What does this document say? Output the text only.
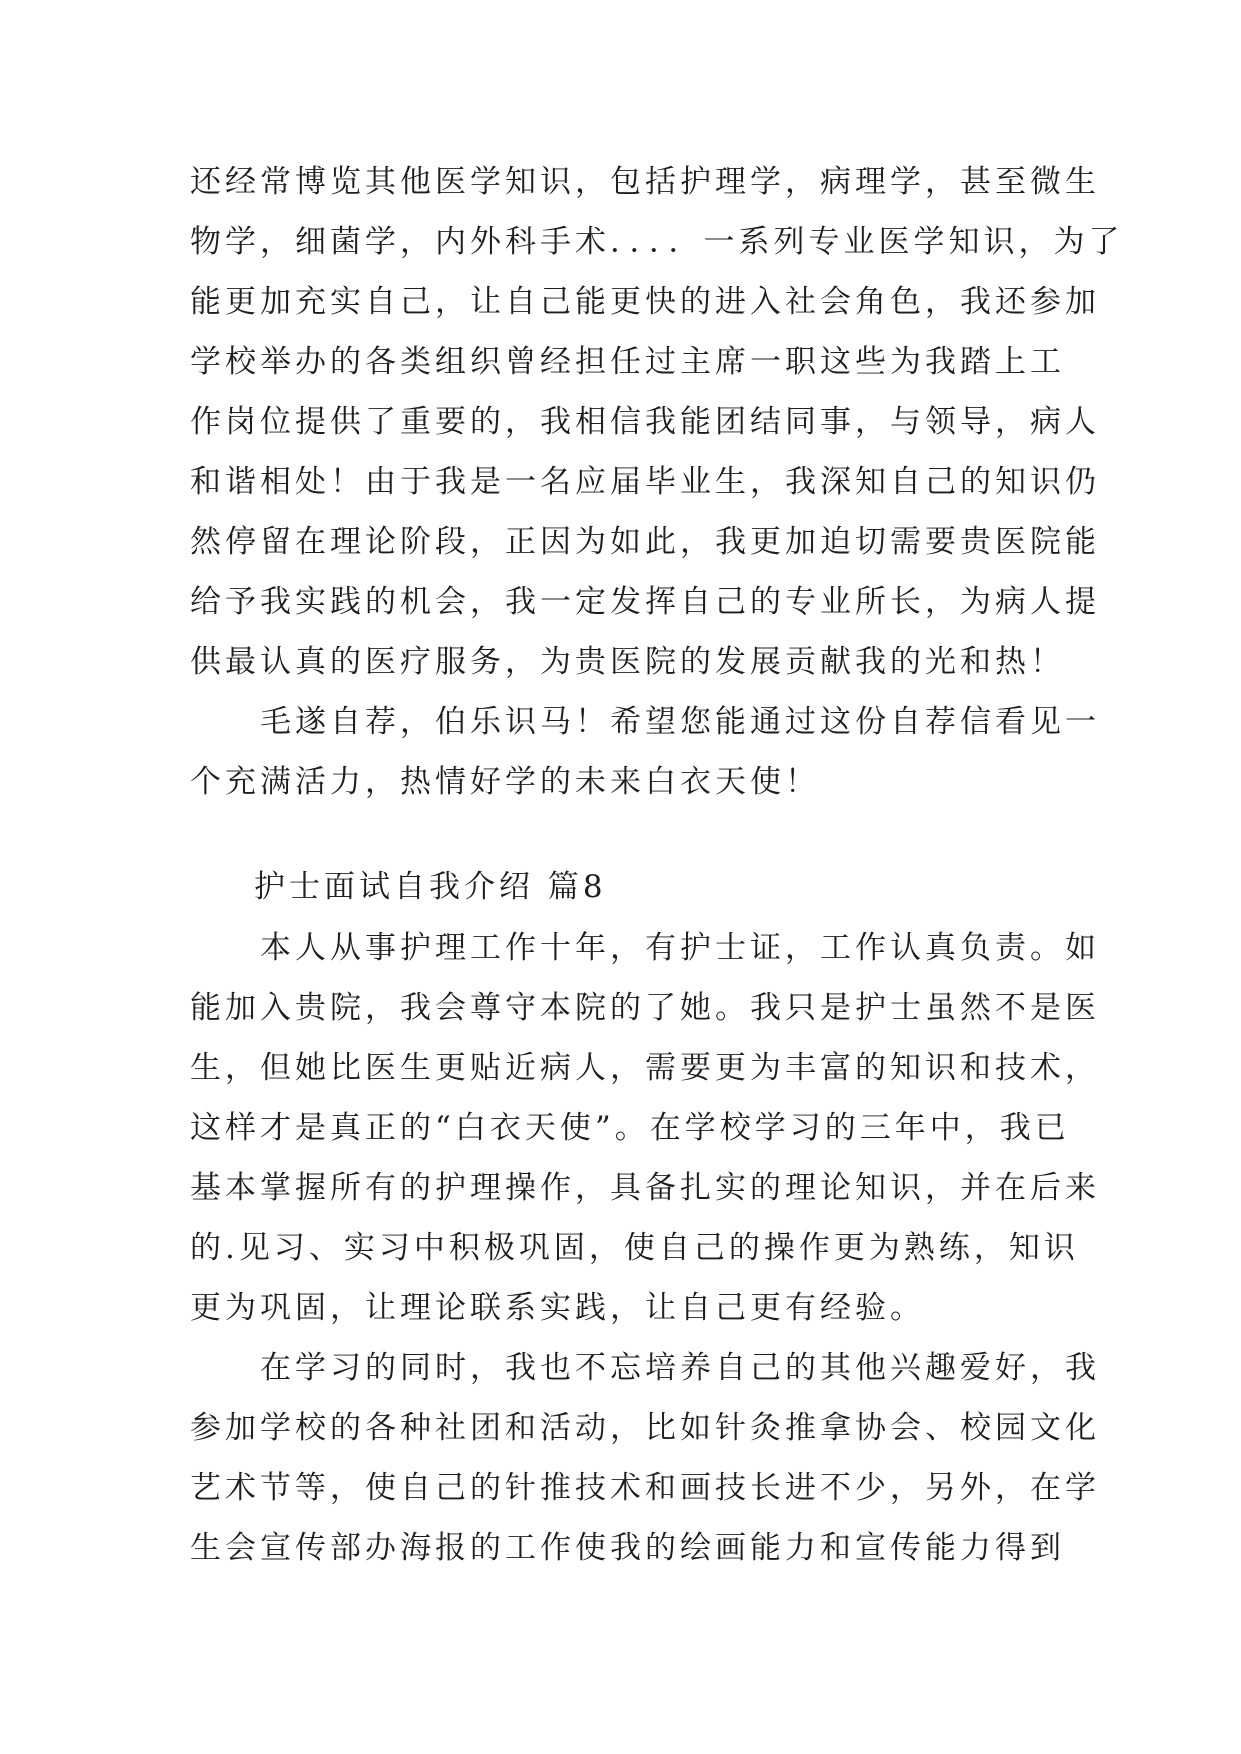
还经常博览其他医学知识，包括护理学，病理学，甚至微生
物学，细菌学，内外科手术．．．．一系列专业医学知识，为了
能更加充实自己，让自己能更快的进入社会角色，我还参加
学校举办的各类组织曾经担任过主席一职这些为我踏上工
作岗位提供了重要的，我相信我能团结同事，与领导，病人
和谐相处！由于我是一名应届毕业生，我深知自己的知识仍
然停留在理论阶段，正因为如此，我更加迫切需要贵医院能
给予我实践的机会，我一定发挥自己的专业所长，为病人提
供最认真的医疗服务，为贵医院的发展贡献我的光和热！
　　毛遂自荐，伯乐识马！希望您能通过这份自荐信看见一
个充满活力，热情好学的未来白衣天使！
护士面试自我介绍 篇8
　　本人从事护理工作十年，有护士证，工作认真负责。如
能加入贵院，我会尊守本院的了她。我只是护士虽然不是医
生，但她比医生更贴近病人，需要更为丰富的知识和技术，
这样才是真正的“白衣天使”。在学校学习的三年中，我已
基本掌握所有的护理操作，具备扎实的理论知识，并在后来
的.见习、实习中积极巩固，使自己的操作更为熟练，知识
更为巩固，让理论联系实践，让自己更有经验。
　　在学习的同时，我也不忘培养自己的其他兴趣爱好，我
参加学校的各种社团和活动，比如针灸推拿协会、校园文化
艺术节等，使自己的针推技术和画技长进不少，另外，在学
生会宣传部办海报的工作使我的绘画能力和宣传能力得到
